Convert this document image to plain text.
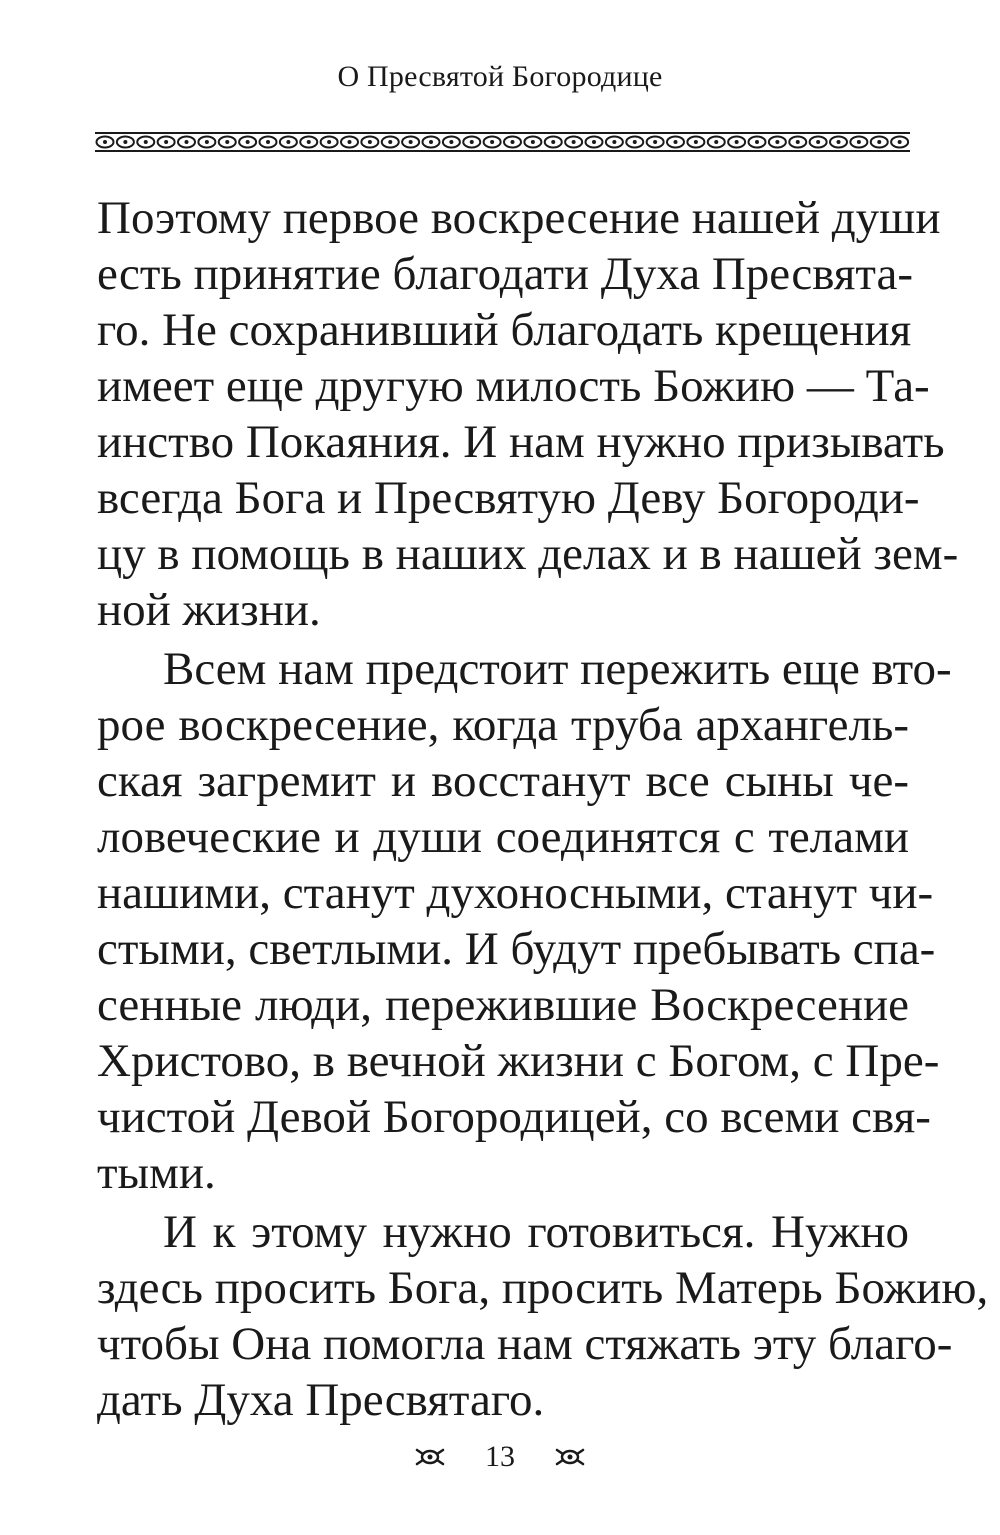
О Пресвятой Богородице
Поэтому первое воскресение нашей души
есть принятие благодати Духа Пресвята-
го. Не сохранивший благодать крещения
имеет еще другую милость Божию — Та-
инство Покаяния. И нам нужно призывать
всегда Бога и Пресвятую Деву Богороди-
цу в помощь в наших делах и в нашей зем-
ной жизни.
Всем нам предстоит пережить еще вто-
рое воскресение, когда труба архангель-
ская загремит и восстанут все сыны че-
ловеческие и души соединятся с телами
нашими, станут духоносными, станут чи-
стыми, светлыми. И будут пребывать спа-
сенные люди, пережившие Воскресение
Христово, в вечной жизни с Богом, с Пре-
чистой Девой Богородицей, со всеми свя-
тыми.
И к этому нужно готовиться. Нужно
здесь просить Бога, просить Матерь Божию,
чтобы Она помогла нам стяжать эту благо-
дать Духа Пресвятаго.
13
